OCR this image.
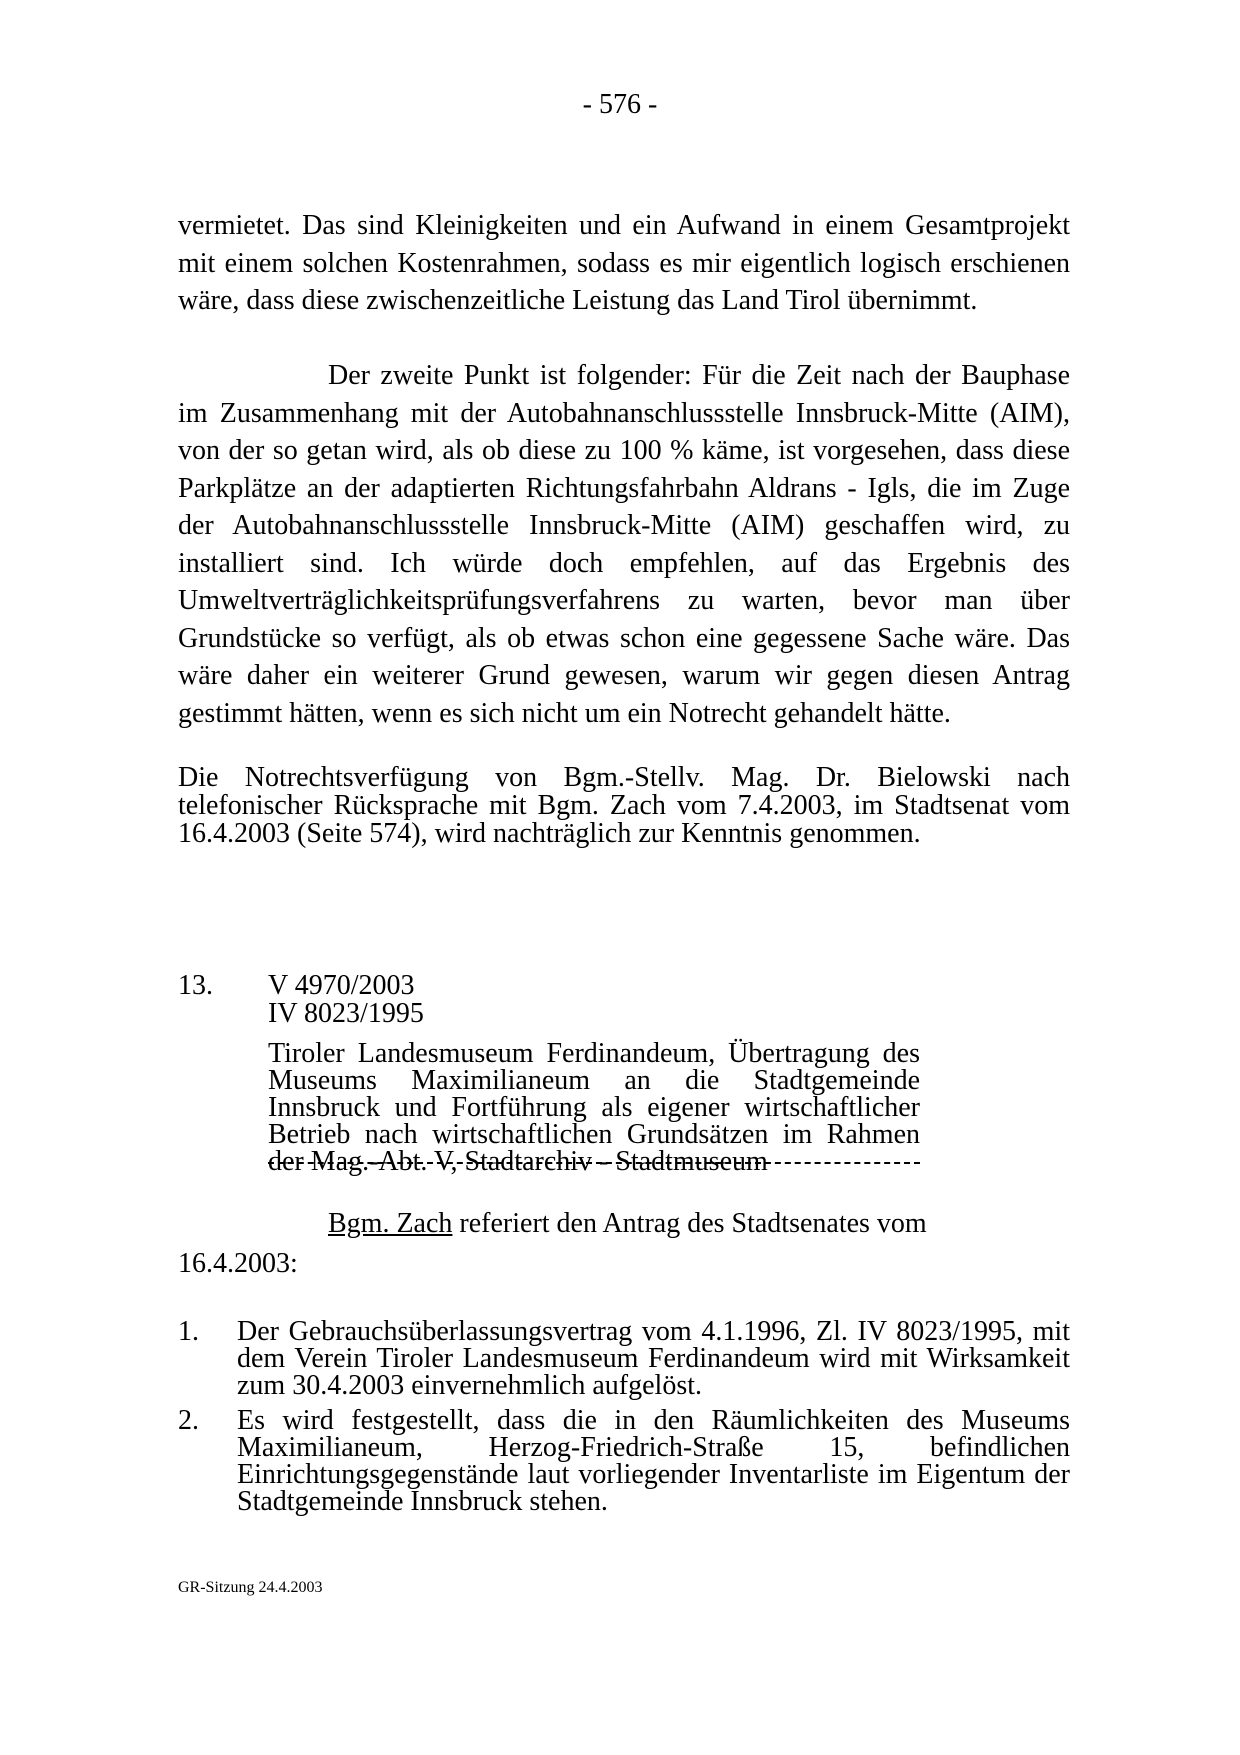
- 576 -

vermietet. Das sind Kleinigkeiten und ein Aufwand in einem Gesamtprojekt mit einem solchen Kostenrahmen, sodass es mir eigentlich logisch erschienen wäre, dass diese zwischenzeitliche Leistung das Land Tirol übernimmt.

Der zweite Punkt ist folgender: Für die Zeit nach der Bauphase im Zusammenhang mit der Autobahnanschlussstelle Innsbruck-Mitte (AIM), von der so getan wird, als ob diese zu 100 % käme, ist vorgesehen, dass diese Parkplätze an der adaptierten Richtungsfahrbahn Aldrans - Igls, die im Zuge der Autobahnanschlussstelle Innsbruck-Mitte (AIM) geschaffen wird, zu installiert sind. Ich würde doch empfehlen, auf das Ergebnis des Umweltverträglichkeitsprüfungsverfahrens zu warten, bevor man über Grundstücke so verfügt, als ob etwas schon eine gegessene Sache wäre. Das wäre daher ein weiterer Grund gewesen, warum wir gegen diesen Antrag gestimmt hätten, wenn es sich nicht um ein Notrecht gehandelt hätte.

Die Notrechtsverfügung von Bgm.-Stellv. Mag. Dr. Bielowski nach telefonischer Rücksprache mit Bgm. Zach vom 7.4.2003, im Stadtsenat vom 16.4.2003 (Seite 574), wird nachträglich zur Kenntnis genommen.

13. V 4970/2003
IV 8023/1995

Tiroler Landesmuseum Ferdinandeum, Übertragung des Museums Maximilianeum an die Stadtgemeinde Innsbruck und Fortführung als eigener wirtschaftlicher Betrieb nach wirtschaftlichen Grundsätzen im Rahmen der Mag.-Abt. V, Stadtarchiv - Stadtmuseum

Bgm. Zach referiert den Antrag des Stadtsenates vom
16.4.2003:
1. Der Gebrauchsüberlassungsvertrag vom 4.1.1996, Zl. IV 8023/1995, mit dem Verein Tiroler Landesmuseum Ferdinandeum wird mit Wirksamkeit zum 30.4.2003 einvernehmlich aufgelöst.

2. Es wird festgestellt, dass die in den Räumlichkeiten des Museums Maximilianeum, Herzog-Friedrich-Straße 15, befindlichen Einrichtungsgegenstände laut vorliegender Inventarliste im Eigentum der Stadtgemeinde Innsbruck stehen.

GR-Sitzung 24.4.2003
